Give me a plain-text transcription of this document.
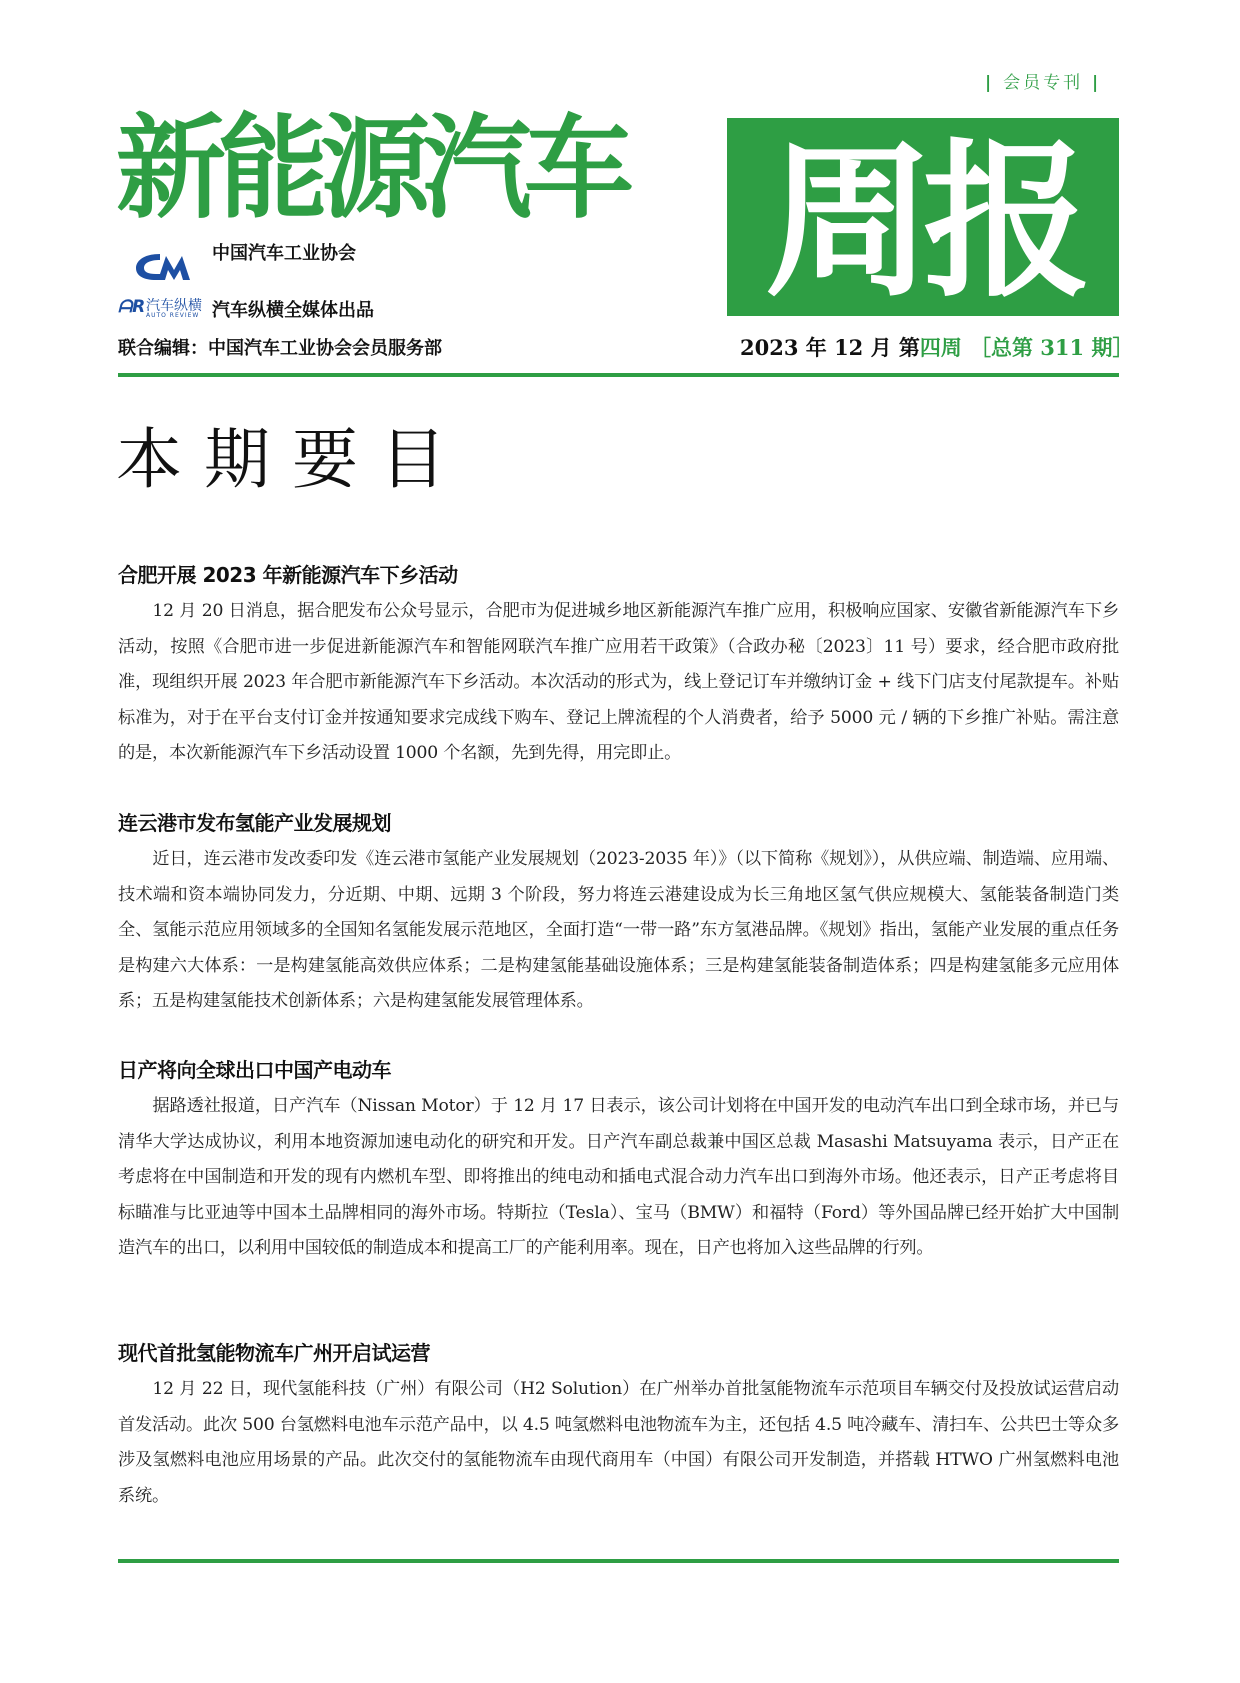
| 会员专刊 |
新能源汽车 周报
中国汽车工业协会
ᗩR 汽车纵横
AUTO REVIEW 汽车纵横全媒体出品
联合编辑：中国汽车工业协会会员服务部	2023 年 12 月 第四周 ［总第 311 期］
本期要目
合肥开展 2023 年新能源汽车下乡活动

12 月 20 日消息，据合肥发布公众号显示，合肥市为促进城乡地区新能源汽车推广应用，积极响应国家、安徽省新能源汽车下乡活动，按照《合肥市进一步促进新能源汽车和智能网联汽车推广应用若干政策》（合政办秘〔2023〕11 号）要求，经合肥市政府批准，现组织开展 2023 年合肥市新能源汽车下乡活动。本次活动的形式为，线上登记订车并缴纳订金 + 线下门店支付尾款提车。补贴标准为，对于在平台支付订金并按通知要求完成线下购车、登记上牌流程的个人消费者，给予 5000 元 / 辆的下乡推广补贴。需注意的是，本次新能源汽车下乡活动设置 1000 个名额，先到先得，用完即止。

连云港市发布氢能产业发展规划

近日，连云港市发改委印发《连云港市氢能产业发展规划（2023-2035 年）》（以下简称《规划》），从供应端、制造端、应用端、技术端和资本端协同发力，分近期、中期、远期 3 个阶段，努力将连云港建设成为长三角地区氢气供应规模大、氢能装备制造门类全、氢能示范应用领域多的全国知名氢能发展示范地区，全面打造“一带一路”东方氢港品牌。《规划》指出，氢能产业发展的重点任务是构建六大体系：一是构建氢能高效供应体系；二是构建氢能基础设施体系；三是构建氢能装备制造体系；四是构建氢能多元应用体系；五是构建氢能技术创新体系；六是构建氢能发展管理体系。

日产将向全球出口中国产电动车

据路透社报道，日产汽车（Nissan Motor）于 12 月 17 日表示，该公司计划将在中国开发的电动汽车出口到全球市场，并已与清华大学达成协议，利用本地资源加速电动化的研究和开发。日产汽车副总裁兼中国区总裁 Masashi Matsuyama 表示，日产正在考虑将在中国制造和开发的现有内燃机车型、即将推出的纯电动和插电式混合动力汽车出口到海外市场。他还表示，日产正考虑将目标瞄准与比亚迪等中国本土品牌相同的海外市场。特斯拉（Tesla）、宝马（BMW）和福特（Ford）等外国品牌已经开始扩大中国制造汽车的出口，以利用中国较低的制造成本和提高工厂的产能利用率。现在，日产也将加入这些品牌的行列。

现代首批氢能物流车广州开启试运营

12 月 22 日，现代氢能科技（广州）有限公司（H2 Solution）在广州举办首批氢能物流车示范项目车辆交付及投放试运营启动首发活动。此次 500 台氢燃料电池车示范产品中，以 4.5 吨氢燃料电池物流车为主，还包括 4.5 吨冷藏车、清扫车、公共巴士等众多涉及氢燃料电池应用场景的产品。此次交付的氢能物流车由现代商用车（中国）有限公司开发制造，并搭载 HTWO 广州氢燃料电池系统。
